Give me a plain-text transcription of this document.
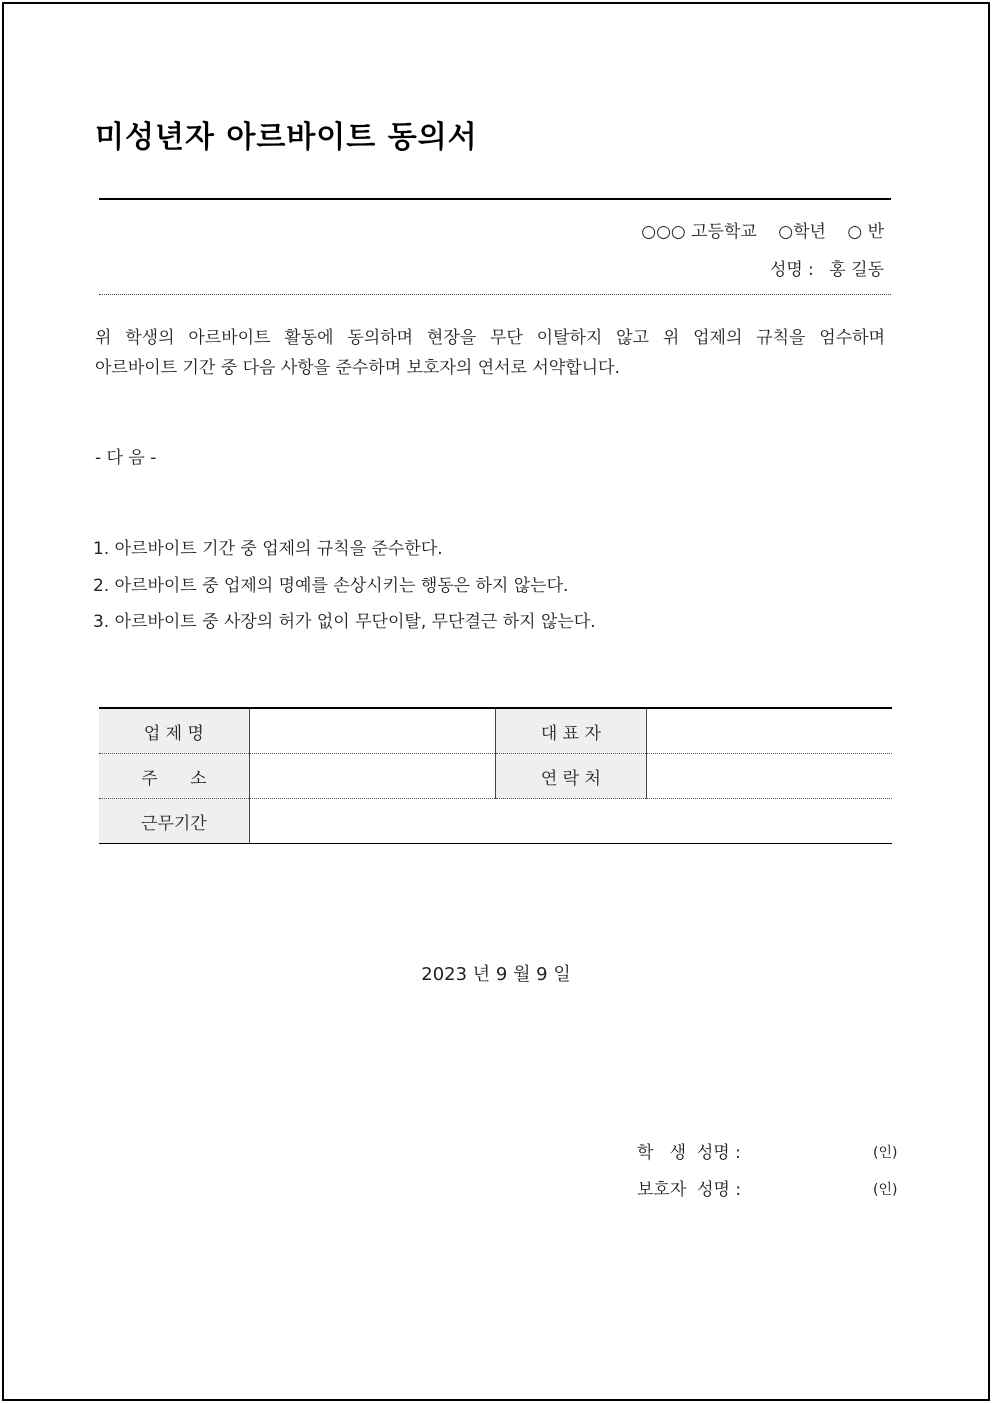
미성년자 아르바이트 동의서
○○○ 고등학교 ○학년 ○ 반
성명 : 홍 길동
위 학생의 아르바이트 활동에 동의하며 현장을 무단 이탈하지 않고 위 업제의 규칙을 엄수하며
아르바이트 기간 중 다음 사항을 준수하며 보호자의 연서로 서약합니다.
- 다 음 -
1. 아르바이트 기간 중 업제의 규칙을 준수한다.
2. 아르바이트 중 업제의 명예를 손상시키는 행동은 하지 않는다.
3. 아르바이트 중 사장의 허가 없이 무단이탈, 무단결근 하지 않는다.
업 제 명		대 표 자	
주      소		연 락 처	
근무기간			
2023 년 9 월 9 일
학   생  성명 :	(인)
보호자  성명 :	(인)
